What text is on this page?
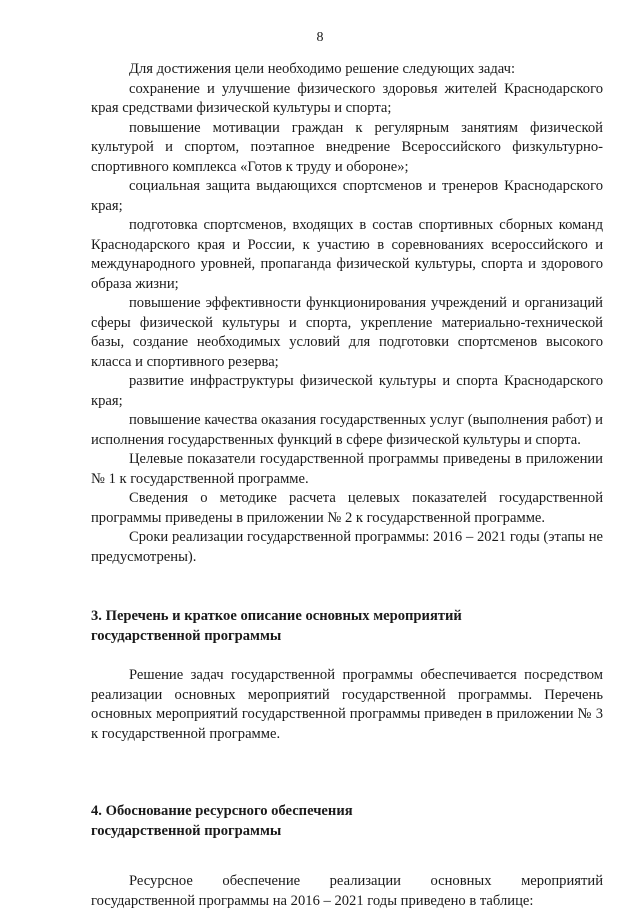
8

Для достижения цели необходимо решение следующих задач:

сохранение и улучшение физического здоровья жителей Краснодарского края средствами физической культуры и спорта;

повышение мотивации граждан к регулярным занятиям физической культурой и спортом, поэтапное внедрение Всероссийского физкультурно-спортивного комплекса «Готов к труду и обороне»;

социальная защита выдающихся спортсменов и тренеров Краснодарского края;

подготовка спортсменов, входящих в состав спортивных сборных команд Краснодарского края и России, к участию в соревнованиях всероссийского и международного уровней, пропаганда физической культуры, спорта и здорового образа жизни;

повышение эффективности функционирования учреждений и организаций сферы физической культуры и спорта, укрепление материально-технической базы, создание необходимых условий для подготовки спортсменов высокого класса и спортивного резерва;

развитие инфраструктуры физической культуры и спорта Краснодарского края;

повышение качества оказания государственных услуг (выполнения работ) и исполнения государственных функций в сфере физической культуры и спорта.

Целевые показатели государственной программы приведены в приложении № 1 к государственной программе.

Сведения о методике расчета целевых показателей государственной программы приведены в приложении № 2 к государственной программе.

Сроки реализации государственной программы: 2016 – 2021 годы (этапы не предусмотрены).

3. Перечень и краткое описание основных мероприятий
государственной программы

Решение задач государственной программы обеспечивается посредством реализации основных мероприятий государственной программы. Перечень основных мероприятий государственной программы приведен в приложении № 3 к государственной программе.

4. Обоснование ресурсного обеспечения
государственной программы

Ресурсное обеспечение реализации основных мероприятий государственной программы на 2016 – 2021 годы приведено в таблице:
